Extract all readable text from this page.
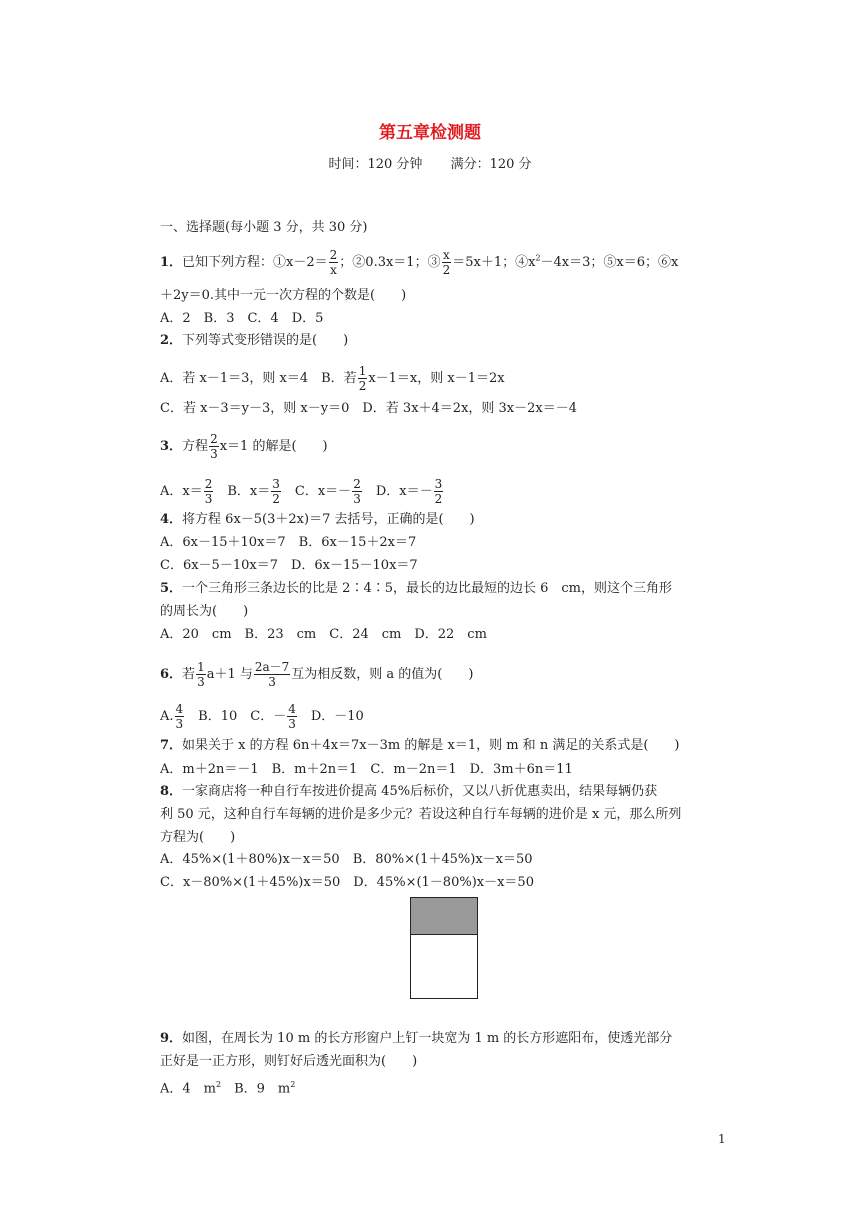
第五章检测题
时间：120 分钟 满分：120 分
一、选择题(每小题 3 分，共 30 分)
1．已知下列方程：①x－2＝ $\frac{2}{x}$ ；②0.3x＝1；③ $\frac{x}{2} =5x+1$；$④x^2-4x=3$；⑤x＝6；⑥x
＋2y＝0.其中一元一次方程的个数是(　　)
A．2　B．3　C．4　D．5
2．下列等式变形错误的是(　　)
A．若 x－1＝3，则 x＝4　B．若 $\frac{1}{2} x-1=x$，则 x－1＝2x
C．若 x－3＝y－3，则 x－y＝0　D．若 3x＋4＝2x，则 3x－2x＝－4
3．方程 $\frac{2}{3} x=1$ 的解是(　　)
A．$x= \frac{2}{3}$ 　B．$x= \frac{3}{2}$ 　C．$x=- \frac{2}{3}$ 　D．$x=- \frac{3}{2}$
4．将方程 6x－5(3＋2x)＝7 去括号，正确的是(　　)
A．6x－15＋10x＝7　B．6x－15＋2x＝7
C．6x－5－10x＝7　D．6x－15－10x＝7
5．一个三角形三条边长的比是 2∶4∶5，最长的边比最短的边长 6　cm，则这个三角形
的周长为(　　)
A．20　cm　B．23　cm　C．24　cm　D．22　cm
6．若 $\frac{1}{3} a+1$ 与 $\frac{2a-7}{3}$ 互为相反数，则 a 的值为(　　)
A. $\frac{4}{3}$ 　B．10　C．－ $\frac{4}{3}$ 　D．－10
7．如果关于 x 的方程 6n＋4x＝7x－3m 的解是 x＝1，则 m 和 n 满足的关系式是(　　)
A．m＋2n＝－1　B．m＋2n＝1　C．m－2n＝1　D．3m＋6n＝11
8．一家商店将一种自行车按进价提高 45%后标价，又以八折优惠卖出，结果每辆仍获
利 50 元，这种自行车每辆的进价是多少元？若设这种自行车每辆的进价是 x 元，那么所列
方程为(　　)
A．45%×(1＋80%)x－x＝50　B．80%×(1＋45%)x－x＝50
C．x－80%×(1＋45%)x＝50　D．45%×(1－80%)x－x＝50
9．如图，在周长为 10 m 的长方形窗户上钉一块宽为 1 m 的长方形遮阳布，使透光部分
正好是一正方形，则钉好后透光面积为(　　)
A．4　$m^2$　B．9　$m^2$
1
